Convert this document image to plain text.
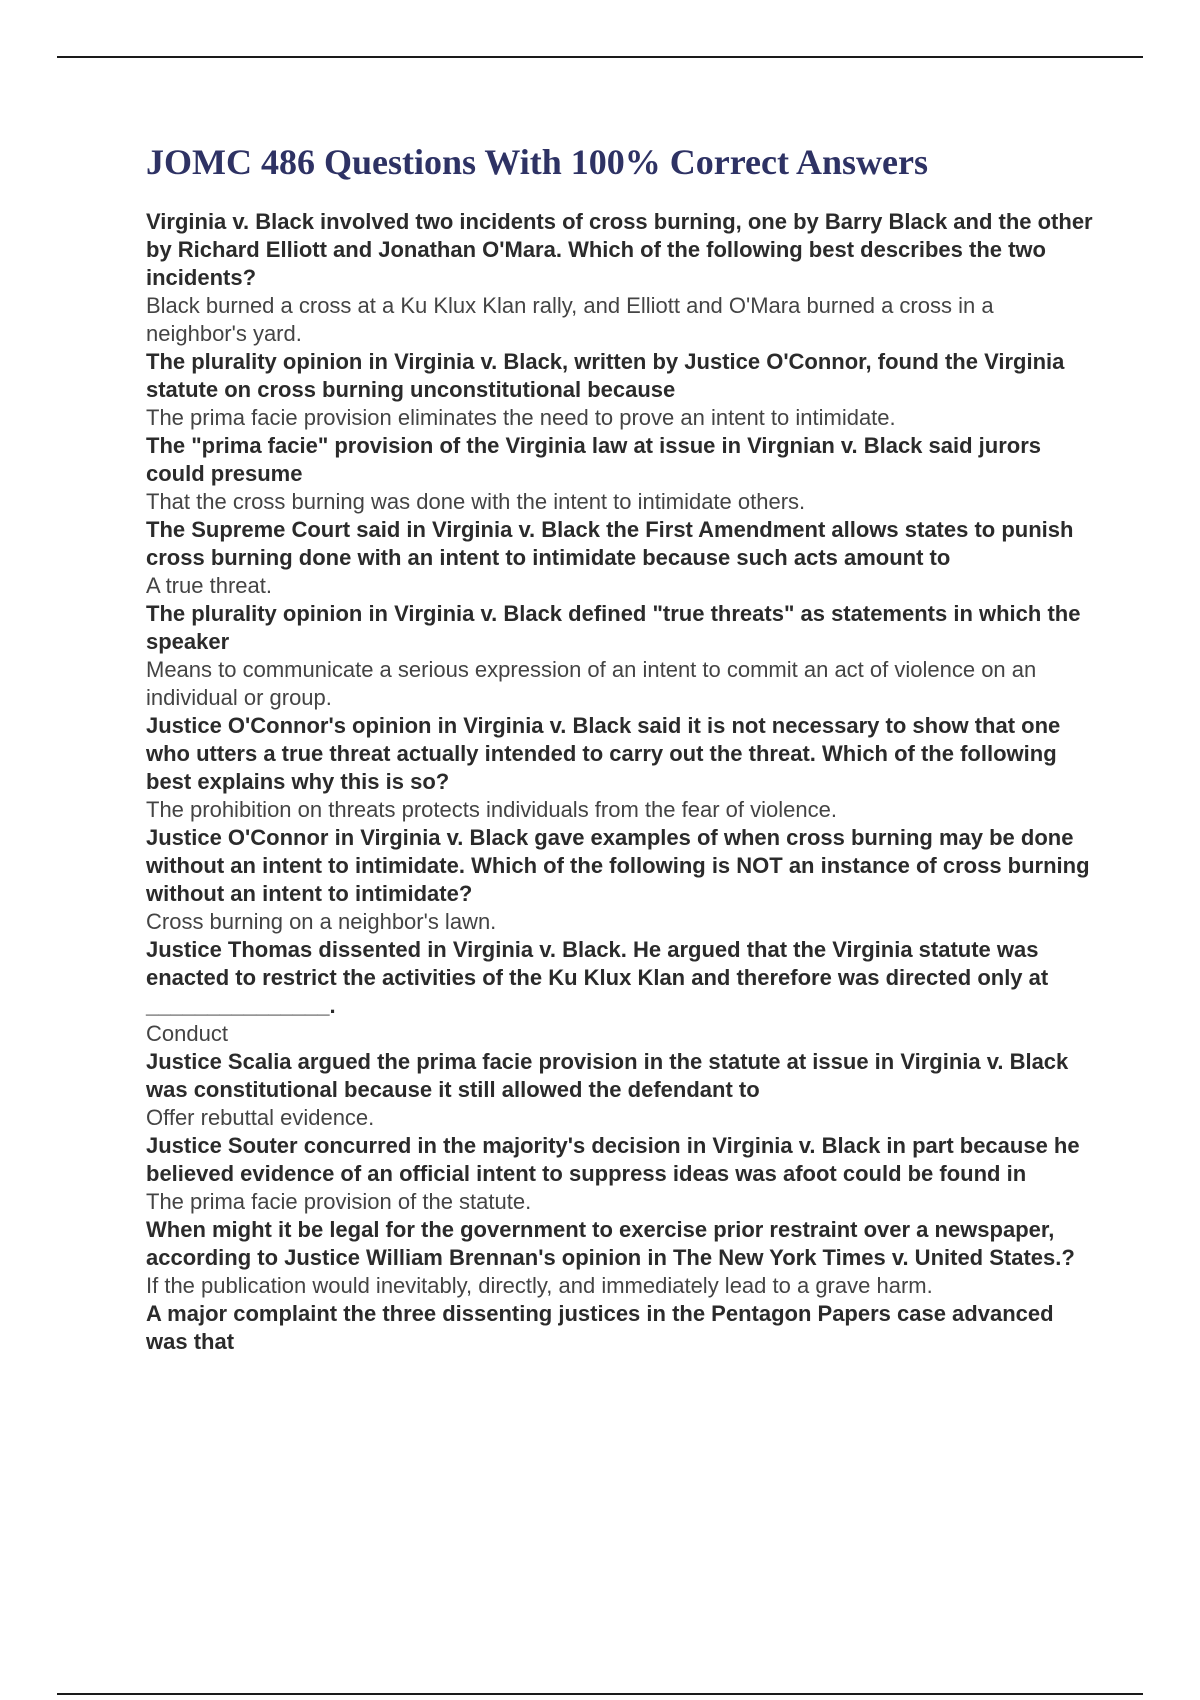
JOMC 486 Questions With 100% Correct Answers

Virginia v. Black involved two incidents of cross burning, one by Barry Black and the other by Richard Elliott and Jonathan O'Mara. Which of the following best describes the two incidents?

Black burned a cross at a Ku Klux Klan rally, and Elliott and O'Mara burned a cross in a neighbor's yard.

The plurality opinion in Virginia v. Black, written by Justice O'Connor, found the Virginia statute on cross burning unconstitutional because

The prima facie provision eliminates the need to prove an intent to intimidate.

The "prima facie" provision of the Virginia law at issue in Virgnian v. Black said jurors could presume

That the cross burning was done with the intent to intimidate others.

The Supreme Court said in Virginia v. Black the First Amendment allows states to punish cross burning done with an intent to intimidate because such acts amount to

A true threat.

The plurality opinion in Virginia v. Black defined "true threats" as statements in which the speaker

Means to communicate a serious expression of an intent to commit an act of violence on an individual or group.

Justice O'Connor's opinion in Virginia v. Black said it is not necessary to show that one who utters a true threat actually intended to carry out the threat. Which of the following best explains why this is so?

The prohibition on threats protects individuals from the fear of violence.

Justice O'Connor in Virginia v. Black gave examples of when cross burning may be done without an intent to intimidate. Which of the following is NOT an instance of cross burning without an intent to intimidate?

Cross burning on a neighbor's lawn.

Justice Thomas dissented in Virginia v. Black. He argued that the Virginia statute was enacted to restrict the activities of the Ku Klux Klan and therefore was directed only at _______________.

Conduct

Justice Scalia argued the prima facie provision in the statute at issue in Virginia v. Black was constitutional because it still allowed the defendant to

Offer rebuttal evidence.

Justice Souter concurred in the majority's decision in Virginia v. Black in part because he believed evidence of an official intent to suppress ideas was afoot could be found in

The prima facie provision of the statute.

When might it be legal for the government to exercise prior restraint over a newspaper, according to Justice William Brennan's opinion in The New York Times v. United States.?

If the publication would inevitably, directly, and immediately lead to a grave harm.

A major complaint the three dissenting justices in the Pentagon Papers case advanced was that
